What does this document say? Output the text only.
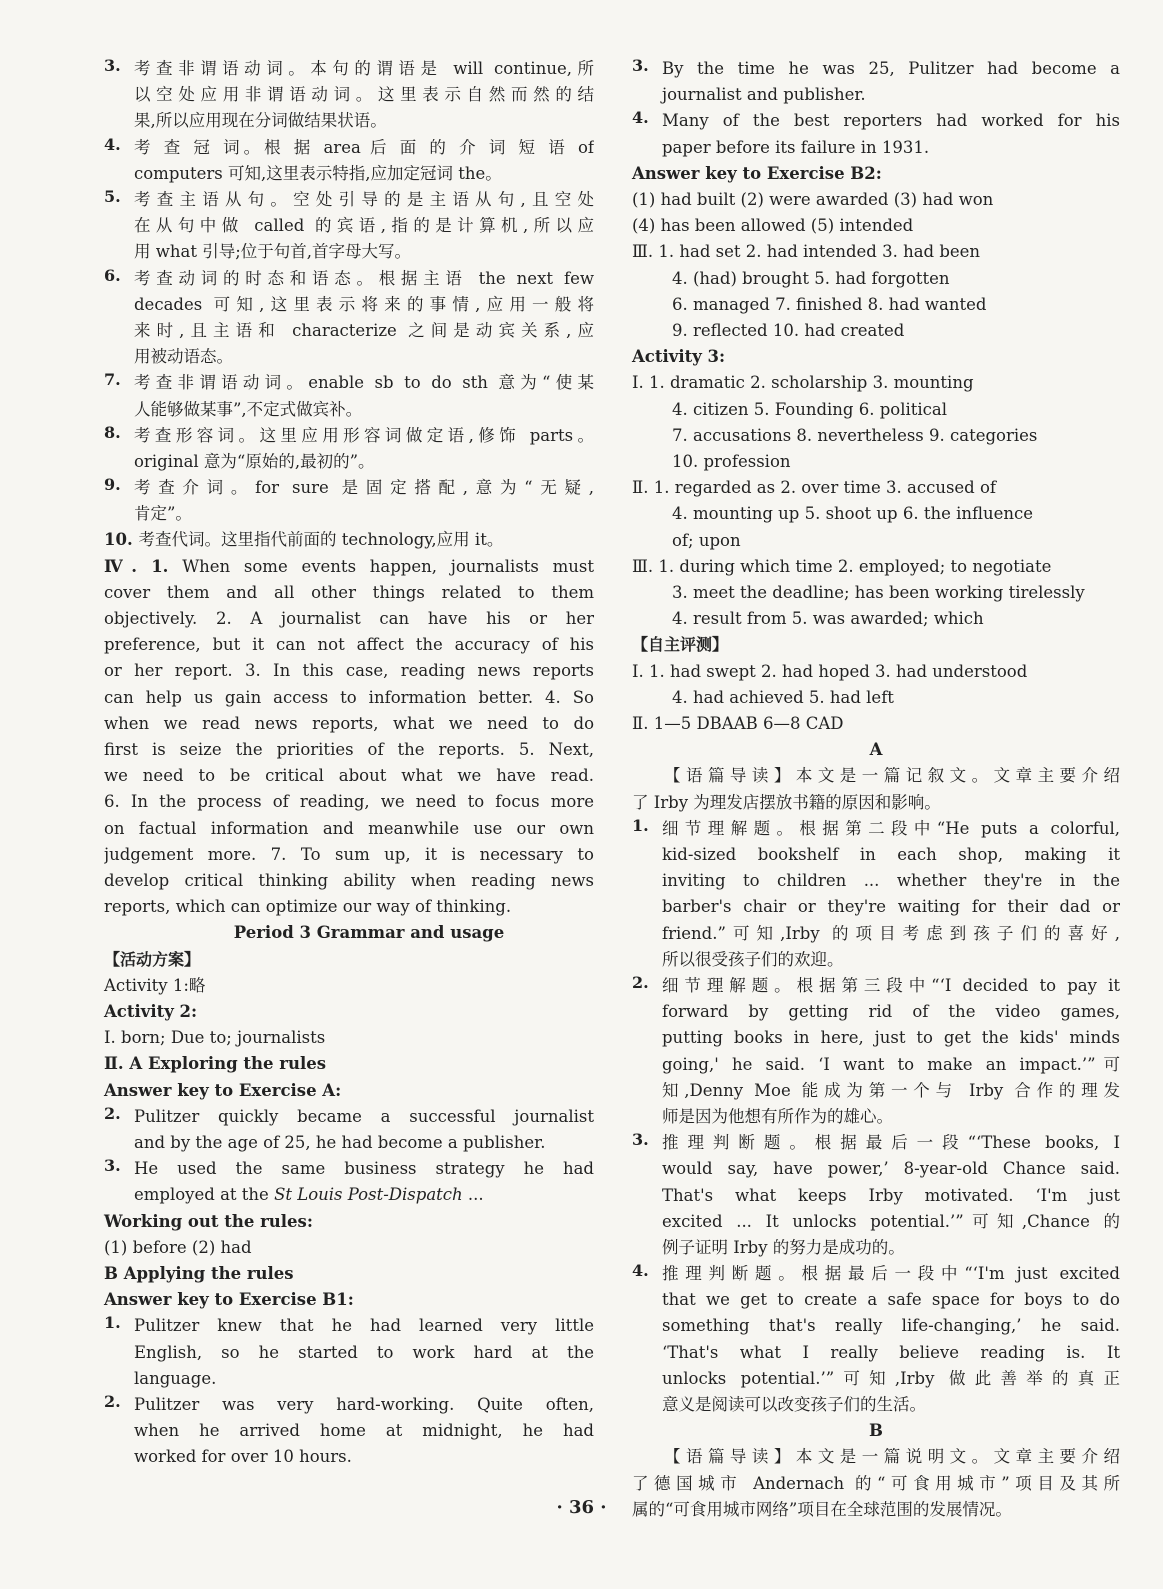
3. 考查非谓语动词。本句的谓语是 will continue,所
以空处应用非谓语动词。这里表示自然而然的结
果,所以应用现在分词做结果状语。
4. 考 查 冠 词。根 据 area 后 面 的 介 词 短 语 of
computers 可知,这里表示特指,应加定冠词 the。
5. 考查主语从句。空处引导的是主语从句,且空处
在从句中做 called 的宾语,指的是计算机,所以应
用 what 引导;位于句首,首字母大写。
6. 考查动词的时态和语态。根据主语 the next few
decades 可知,这里表示将来的事情,应用一般将
来时,且主语和 characterize 之间是动宾关系,应
用被动语态。
7. 考查非谓语动词。enable sb to do sth 意为“使某
人能够做某事”,不定式做宾补。
8. 考查形容词。这里应用形容词做定语,修饰 parts。
original 意为“原始的,最初的”。
9. 考查介词。for sure 是固定搭配,意为“无疑,
肯定”。
10. 考查代词。这里指代前面的 technology,应用 it。
Ⅳ. 1. When some events happen, journalists must
cover them and all other things related to them
objectively. 2. A journalist can have his or her
preference, but it can not affect the accuracy of his
or her report. 3. In this case, reading news reports
can help us gain access to information better. 4. So
when we read news reports, what we need to do
first is seize the priorities of the reports. 5. Next,
we need to be critical about what we have read.
6. In the process of reading, we need to focus more
on factual information and meanwhile use our own
judgement more. 7. To sum up, it is necessary to
develop critical thinking ability when reading news
reports, which can optimize our way of thinking.
Period 3 Grammar and usage
【活动方案】
Activity 1:略
Activity 2:
Ⅰ. born; Due to; journalists
Ⅱ. A Exploring the rules
Answer key to Exercise A:
2. Pulitzer quickly became a successful journalist
and by the age of 25, he had become a publisher.
3. He used the same business strategy he had
employed at the St Louis Post-Dispatch ...
Working out the rules:
(1) before (2) had
B Applying the rules
Answer key to Exercise B1:
1. Pulitzer knew that he had learned very little
English, so he started to work hard at the
language.
2. Pulitzer was very hard-working. Quite often,
when he arrived home at midnight, he had
worked for over 10 hours.
3. By the time he was 25, Pulitzer had become a
journalist and publisher.
4. Many of the best reporters had worked for his
paper before its failure in 1931.
Answer key to Exercise B2:
(1) had built (2) were awarded (3) had won
(4) has been allowed (5) intended
Ⅲ. 1. had set 2. had intended 3. had been
4. (had) brought 5. had forgotten
6. managed 7. finished 8. had wanted
9. reflected 10. had created
Activity 3:
Ⅰ. 1. dramatic 2. scholarship 3. mounting
4. citizen 5. Founding 6. political
7. accusations 8. nevertheless 9. categories
10. profession
Ⅱ. 1. regarded as 2. over time 3. accused of
4. mounting up 5. shoot up 6. the influence
of; upon
Ⅲ. 1. during which time 2. employed; to negotiate
3. meet the deadline; has been working tirelessly
4. result from 5. was awarded; which
【自主评测】
Ⅰ. 1. had swept 2. had hoped 3. had understood
4. had achieved 5. had left
Ⅱ. 1—5 DBAAB 6—8 CAD
A
【语篇导读】本文是一篇记叙文。文章主要介绍
了 Irby 为理发店摆放书籍的原因和影响。
1. 细节理解题。根据第二段中“He puts a colorful,
kid-sized bookshelf in each shop, making it
inviting to children ... whether they're in the
barber's chair or they're waiting for their dad or
friend.”可知,Irby 的项目考虑到孩子们的喜好,
所以很受孩子们的欢迎。
2. 细节理解题。根据第三段中“‘I decided to pay it
forward by getting rid of the video games,
putting books in here, just to get the kids' minds
going,' he said. ‘I want to make an impact.’”可
知,Denny Moe 能成为第一个与 Irby 合作的理发
师是因为他想有所作为的雄心。
3. 推理判断题。根据最后一段“‘These books, I
would say, have power,’ 8-year-old Chance said.
That's what keeps Irby motivated. ‘I'm just
excited ... It unlocks potential.’”可知,Chance 的
例子证明 Irby 的努力是成功的。
4. 推理判断题。根据最后一段中“‘I'm just excited
that we get to create a safe space for boys to do
something that's really life-changing,’ he said.
‘That's what I really believe reading is. It
unlocks potential.’”可知,Irby 做此善举的真正
意义是阅读可以改变孩子们的生活。
B
【语篇导读】本文是一篇说明文。文章主要介绍
了德国城市 Andernach 的“可食用城市”项目及其所
属的“可食用城市网络”项目在全球范围的发展情况。
· 36 ·
